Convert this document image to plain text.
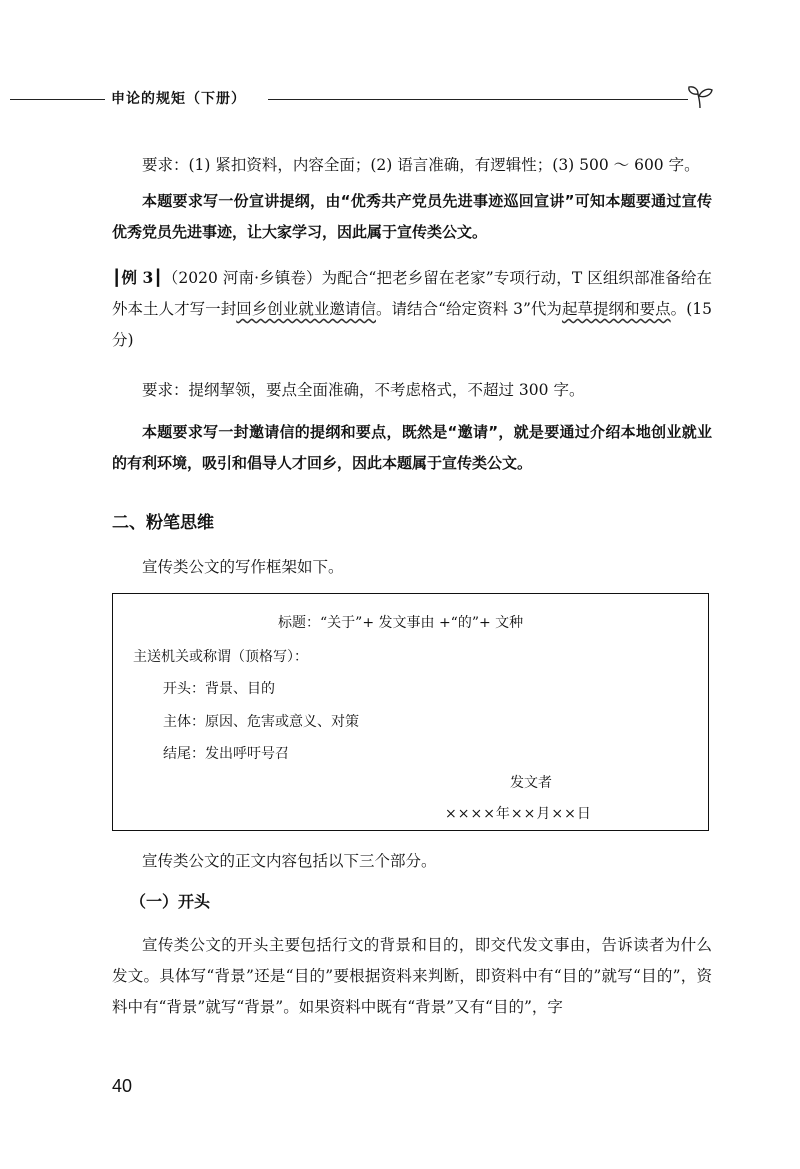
申论的规矩（下册）
要求：(1) 紧扣资料，内容全面；(2) 语言准确，有逻辑性；(3) 500 ～ 600 字。
本题要求写一份宣讲提纲，由“优秀共产党员先进事迹巡回宣讲”可知本题要通过宣传优秀党员先进事迹，让大家学习，因此属于宣传类公文。
┃例 3┃（2020 河南·乡镇卷）为配合“把老乡留在老家”专项行动，T 区组织部准备给在外本土人才写一封回乡创业就业邀请信。请结合“给定资料 3”代为起草提纲和要点。(15 分)
要求：提纲挈领，要点全面准确，不考虑格式，不超过 300 字。
本题要求写一封邀请信的提纲和要点，既然是“邀请”，就是要通过介绍本地创业就业的有利环境，吸引和倡导人才回乡，因此本题属于宣传类公文。
二、粉笔思维
宣传类公文的写作框架如下。
标题：“关于”+ 发文事由 +“的”+ 文种
主送机关或称谓（顶格写）：
开头：背景、目的
主体：原因、危害或意义、对策
结尾：发出呼吁号召
发文者
××××年××月××日
宣传类公文的正文内容包括以下三个部分。
（一）开头
宣传类公文的开头主要包括行文的背景和目的，即交代发文事由，告诉读者为什么发文。具体写“背景”还是“目的”要根据资料来判断，即资料中有“目的”就写“目的”，资料中有“背景”就写“背景”。如果资料中既有“背景”又有“目的”，字
40
